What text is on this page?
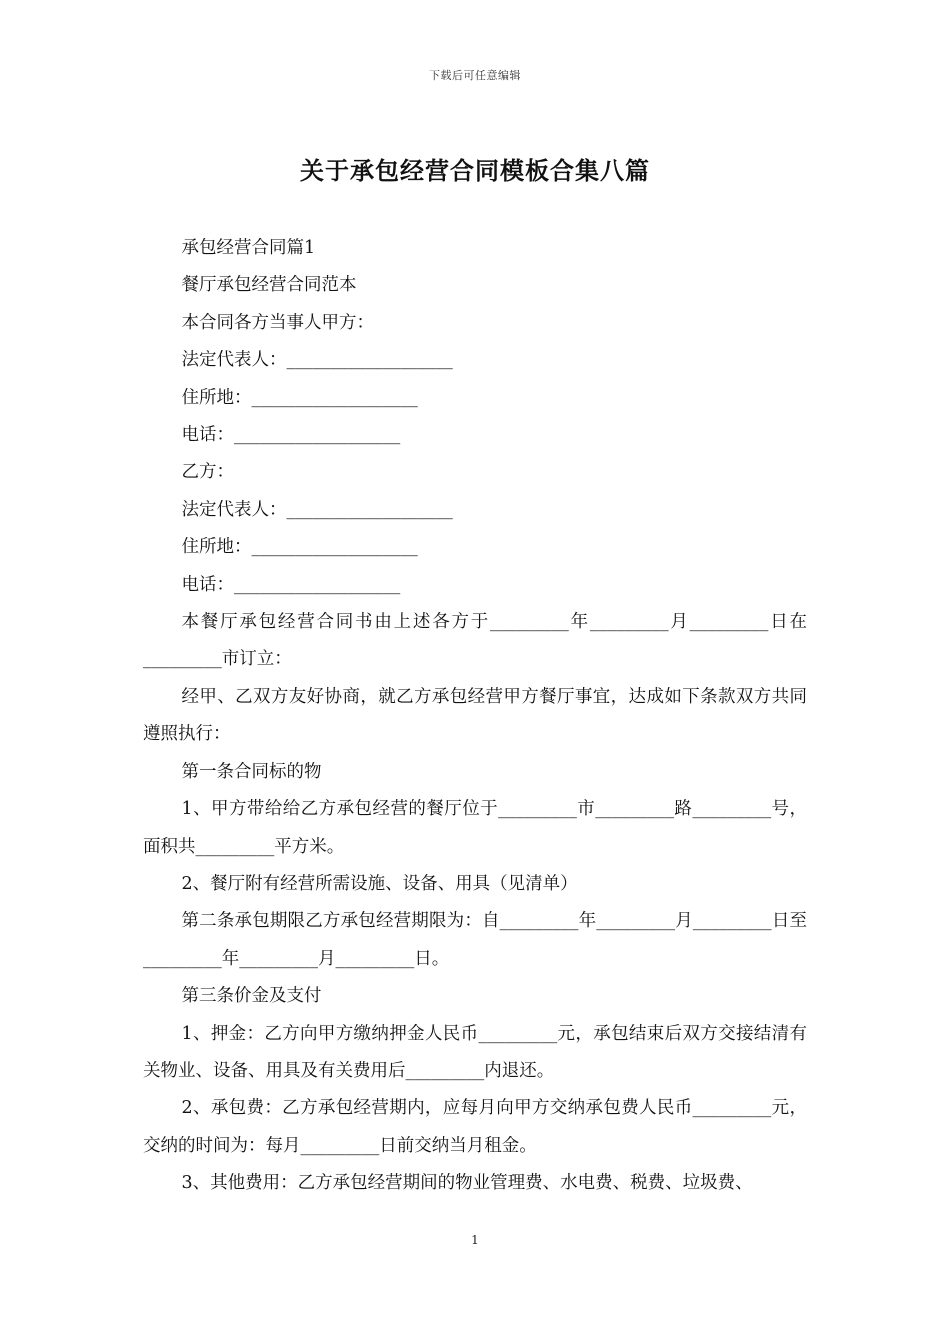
下载后可任意编辑
关于承包经营合同模板合集八篇

承包经营合同篇1

餐厅承包经营合同范本

本合同各方当事人甲方：

法定代表人：___________________

住所地：___________________

电话：___________________

乙方：

法定代表人：___________________

住所地：___________________

电话：___________________

本餐厅承包经营合同书由上述各方于_________年_________月_________日在_________市订立：

经甲、乙双方友好协商，就乙方承包经营甲方餐厅事宜，达成如下条款双方共同遵照执行：

第一条合同标的物

1、甲方带给给乙方承包经营的餐厅位于_________市_________路_________号，面积共_________平方米。

2、餐厅附有经营所需设施、设备、用具（见清单）

第二条承包期限乙方承包经营期限为：自_________年_________月_________日至_________年_________月_________日。

第三条价金及支付

1、押金：乙方向甲方缴纳押金人民币_________元，承包结束后双方交接结清有关物业、设备、用具及有关费用后_________内退还。

2、承包费：乙方承包经营期内，应每月向甲方交纳承包费人民币_________元，交纳的时间为：每月_________日前交纳当月租金。

3、其他费用：乙方承包经营期间的物业管理费、水电费、税费、垃圾费、

1
